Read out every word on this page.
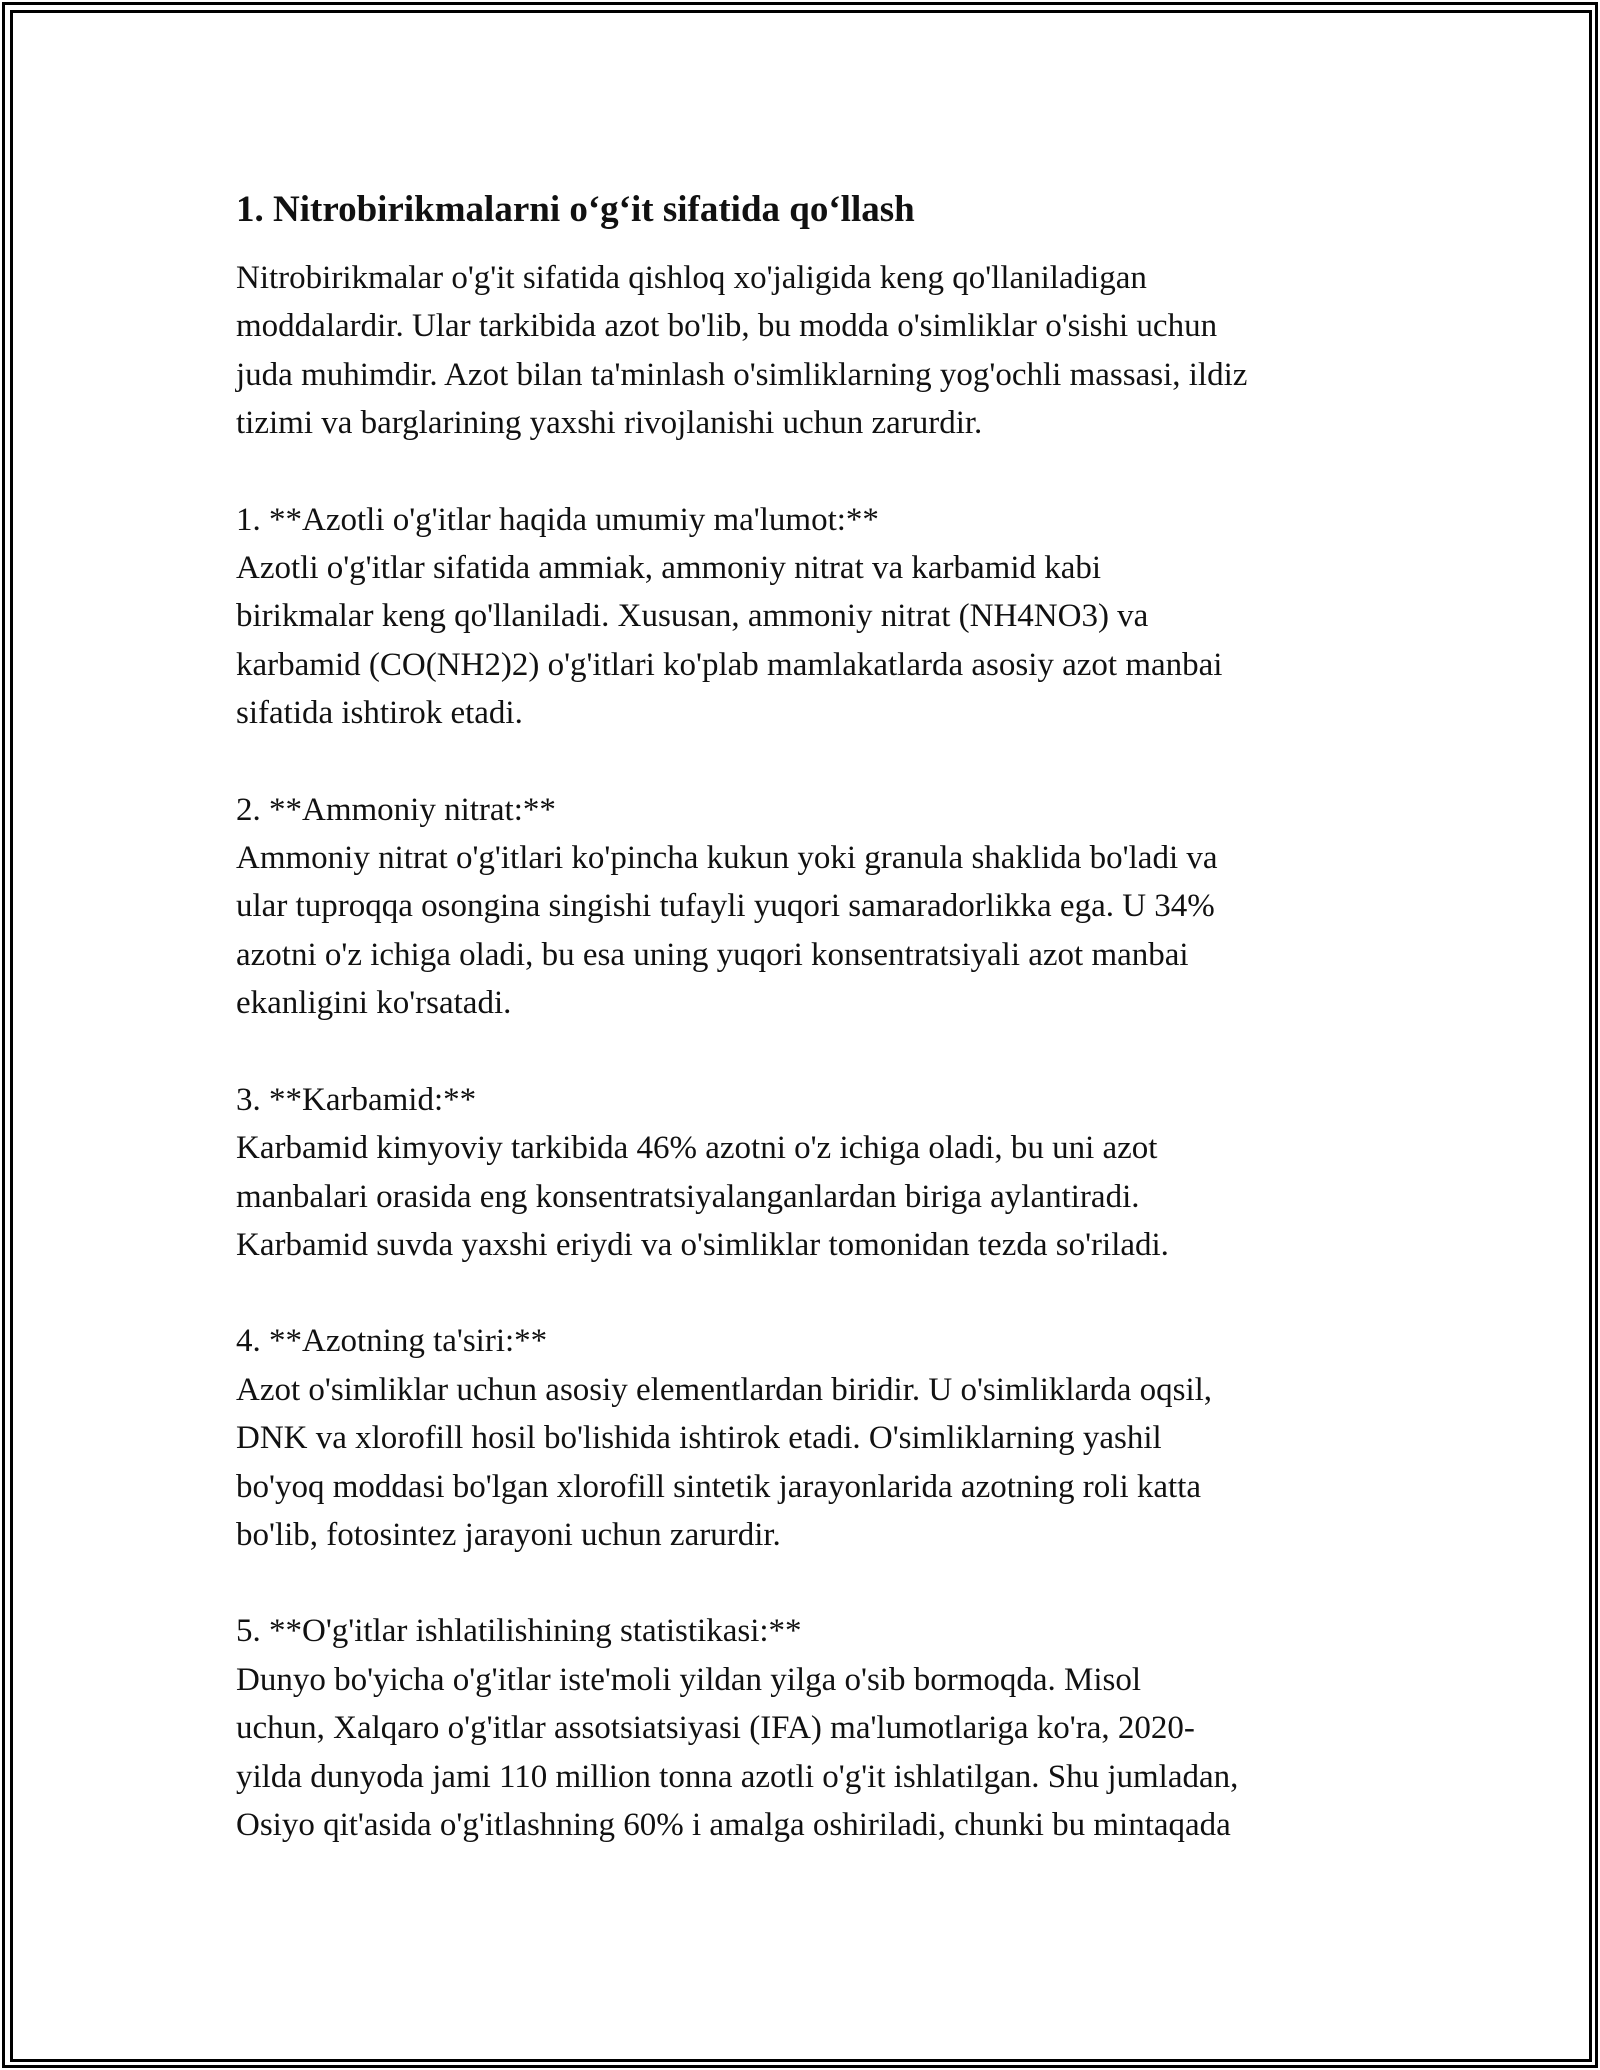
1. Nitrobirikmalarni o‘g‘it sifatida qo‘llash

Nitrobirikmalar o'g'it sifatida qishloq xo'jaligida keng qo'llaniladigan
moddalardir. Ular tarkibida azot bo'lib, bu modda o'simliklar o'sishi uchun
juda muhimdir. Azot bilan ta'minlash o'simliklarning yog'ochli massasi, ildiz
tizimi va barglarining yaxshi rivojlanishi uchun zarurdir.

1. **Azotli o'g'itlar haqida umumiy ma'lumot:**

Azotli o'g'itlar sifatida ammiak, ammoniy nitrat va karbamid kabi
birikmalar keng qo'llaniladi. Xususan, ammoniy nitrat (NH4NO3) va
karbamid (CO(NH2)2) o'g'itlari ko'plab mamlakatlarda asosiy azot manbai
sifatida ishtirok etadi.

2. **Ammoniy nitrat:**

Ammoniy nitrat o'g'itlari ko'pincha kukun yoki granula shaklida bo'ladi va
ular tuproqqa osongina singishi tufayli yuqori samaradorlikka ega. U 34%
azotni o'z ichiga oladi, bu esa uning yuqori konsentratsiyali azot manbai
ekanligini ko'rsatadi.

3. **Karbamid:**

Karbamid kimyoviy tarkibida 46% azotni o'z ichiga oladi, bu uni azot
manbalari orasida eng konsentratsiyalanganlardan biriga aylantiradi.
Karbamid suvda yaxshi eriydi va o'simliklar tomonidan tezda so'riladi.

4. **Azotning ta'siri:**

Azot o'simliklar uchun asosiy elementlardan biridir. U o'simliklarda oqsil,
DNK va xlorofill hosil bo'lishida ishtirok etadi. O'simliklarning yashil
bo'yoq moddasi bo'lgan xlorofill sintetik jarayonlarida azotning roli katta
bo'lib, fotosintez jarayoni uchun zarurdir.

5. **O'g'itlar ishlatilishining statistikasi:**

Dunyo bo'yicha o'g'itlar iste'moli yildan yilga o'sib bormoqda. Misol
uchun, Xalqaro o'g'itlar assotsiatsiyasi (IFA) ma'lumotlariga ko'ra, 2020-
yilda dunyoda jami 110 million tonna azotli o'g'it ishlatilgan. Shu jumladan,
Osiyo qit'asida o'g'itlashning 60% i amalga oshiriladi, chunki bu mintaqada
